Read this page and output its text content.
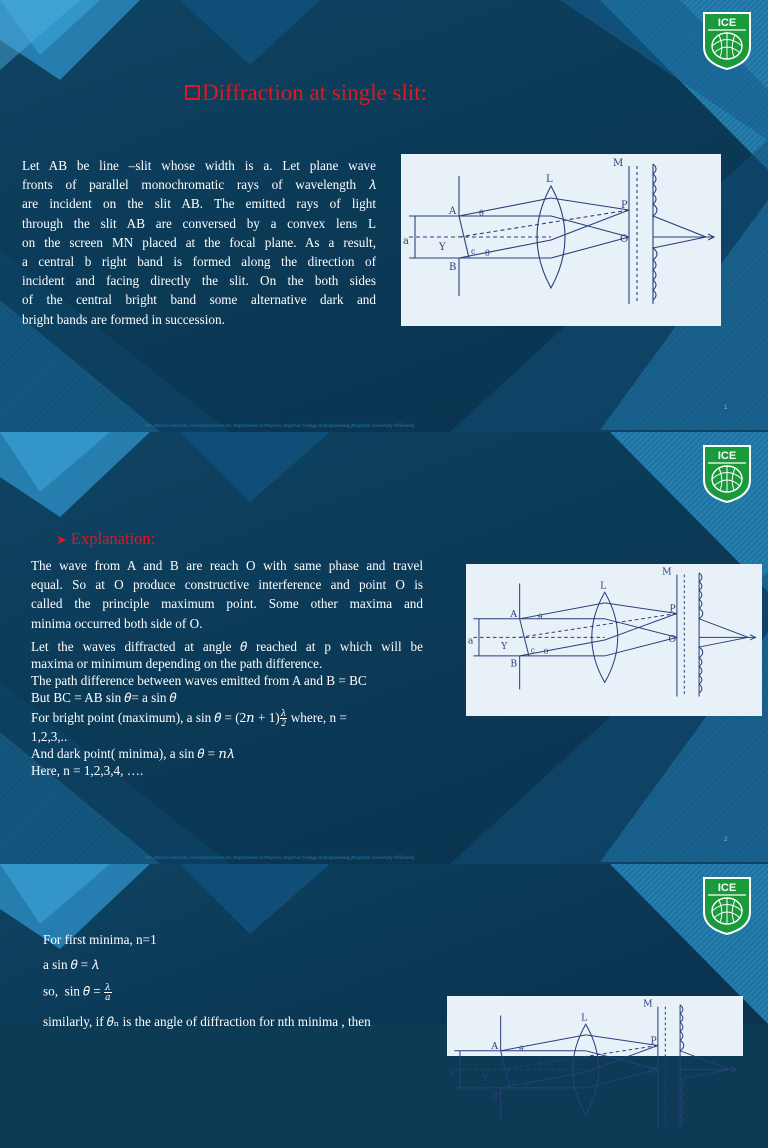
ICE
Diffraction at single slit:
Let AB be line –slit whose width is a. Let plane wave
fronts of parallel monochromatic rays of wavelength 𝜆
are incident on the slit AB. The emitted rays of light
through the slit AB are conversed by a convex lens L
on the screen MN placed at the focal plane. As a result,
a central b right band is formed along the direction of
incident and facing directly the slit. On the both sides
of the central bright band some alternative dark and
bright bands are formed in succession.
A
B
L
M
O
P
a
Y	c
θ
θ
MD. Nomun Hossain, Assistant professor, Department of Physics, Imperial College of Engineering (Rajshahi University Affiliated)
1
ICE
➤ Explanation:
The wave from A and B are reach O with same phase and travel
equal. So at O produce constructive interference and point O is
called the principle maximum point. Some other maxima and
minima occurred both side of O.
Let the waves diffracted at angle 𝜃 reached at p which will be
maxima or minimum depending on the path difference.
The path difference between waves emitted from A and B = BC
But BC = AB sin 𝜃= a sin 𝜃
For bright point (maximum), a sin 𝜃 = (2𝑛 + $1) \frac{\text{𝜆}}{2}$ where, n =
1,2,3,..
And dark point( minima), a sin 𝜃 = 𝑛𝜆
Here, n = 1,2,3,4, ….
A
B
L
M
O
P
a
Y	c
θ
θ
MD. Nomun Hossain, Assistant professor, Department of Physics, Imperial College of Engineering (Rajshahi University Affiliated)
2
ICE
For first minima, n=1
a sin 𝜃 = 𝜆
so,  sin 𝜃 = $\frac{\text{𝜆}}{\text{𝑎}}$
similarly, if 𝜃ₙ is the angle of diffraction for nth minima , then
A
B
L
M
O
P
a
Y	c
θ
θ
